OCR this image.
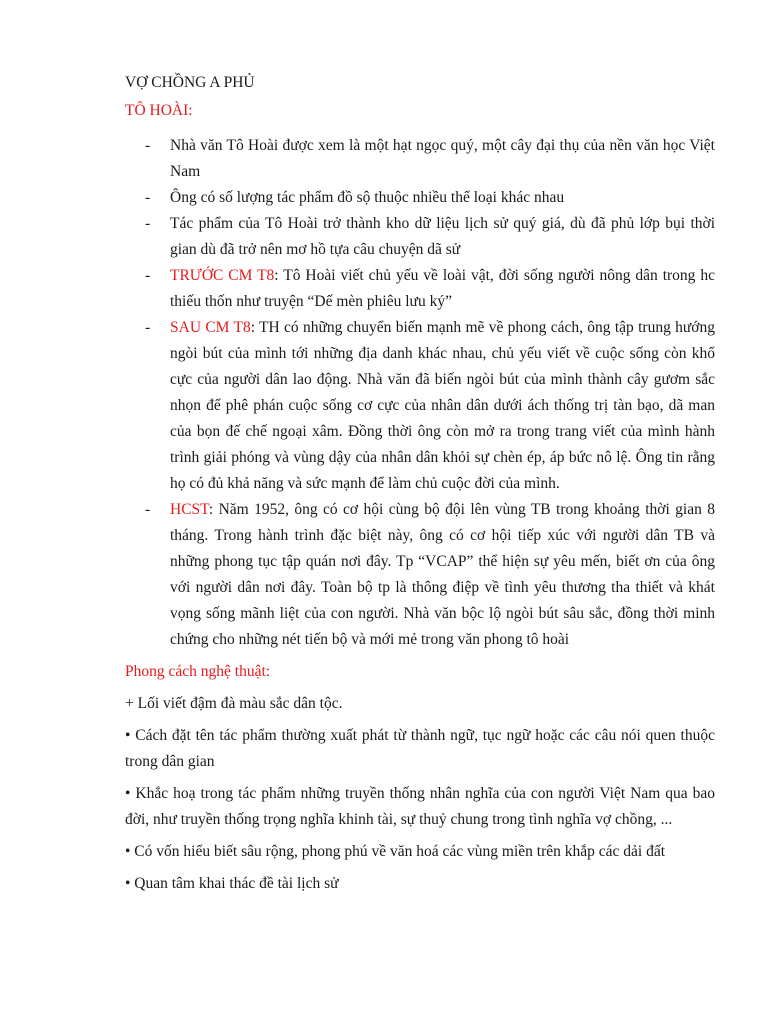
VỢ CHỒNG A PHỦ
TÔ HOÀI:
- Nhà văn Tô Hoài được xem là một hạt ngọc quý, một cây đại thụ của nền văn học Việt Nam
- Ông có số lượng tác phẩm đồ sộ thuộc nhiều thể loại khác nhau
- Tác phẩm của Tô Hoài trở thành kho dữ liệu lịch sử quý giá, dù đã phủ lớp bụi thời gian dù đã trở nên mơ hồ tựa câu chuyện dã sử
- TRƯỚC CM T8: Tô Hoài viết chủ yếu về loài vật, đời sống người nông dân trong hc thiếu thốn như truyện “Dế mèn phiêu lưu ký”
- SAU CM T8: TH có những chuyển biến mạnh mẽ về phong cách, ông tập trung hướng ngòi bút của mình tới những địa danh khác nhau, chủ yếu viết về cuộc sống còn khổ cực của người dân lao động. Nhà văn đã biến ngòi bút của mình thành cây gươm sắc nhọn để phê phán cuộc sống cơ cực của nhân dân dưới ách thống trị tàn bạo, dã man của bọn đế chế ngoại xâm. Đồng thời ông còn mở ra trong trang viết của mình hành trình giải phóng và vùng dậy của nhân dân khỏi sự chèn ép, áp bức nô lệ. Ông tin rằng họ có đủ khả năng và sức mạnh để làm chủ cuộc đời của mình.
- HCST: Năm 1952, ông có cơ hội cùng bộ đội lên vùng TB trong khoảng thời gian 8 tháng. Trong hành trình đặc biệt này, ông có cơ hội tiếp xúc với người dân TB và những phong tục tập quán nơi đây. Tp “VCAP” thể hiện sự yêu mến, biết ơn của ông với người dân nơi đây. Toàn bộ tp là thông điệp về tình yêu thương tha thiết và khát vọng sống mãnh liệt của con người. Nhà văn bộc lộ ngòi bút sâu sắc, đồng thời minh chứng cho những nét tiến bộ và mới mẻ trong văn phong tô hoài
Phong cách nghệ thuật:

+ Lối viết đậm đà màu sắc dân tộc.

• Cách đặt tên tác phẩm thường xuất phát từ thành ngữ, tục ngữ hoặc các câu nói quen thuộc trong dân gian

• Khắc hoạ trong tác phẩm những truyền thống nhân nghĩa của con người Việt Nam qua bao đời, như truyền thống trọng nghĩa khinh tài, sự thuỷ chung trong tình nghĩa vợ chồng, ...

• Có vốn hiểu biết sâu rộng, phong phú về văn hoá các vùng miền trên khắp các dải đất

• Quan tâm khai thác đề tài lịch sử
